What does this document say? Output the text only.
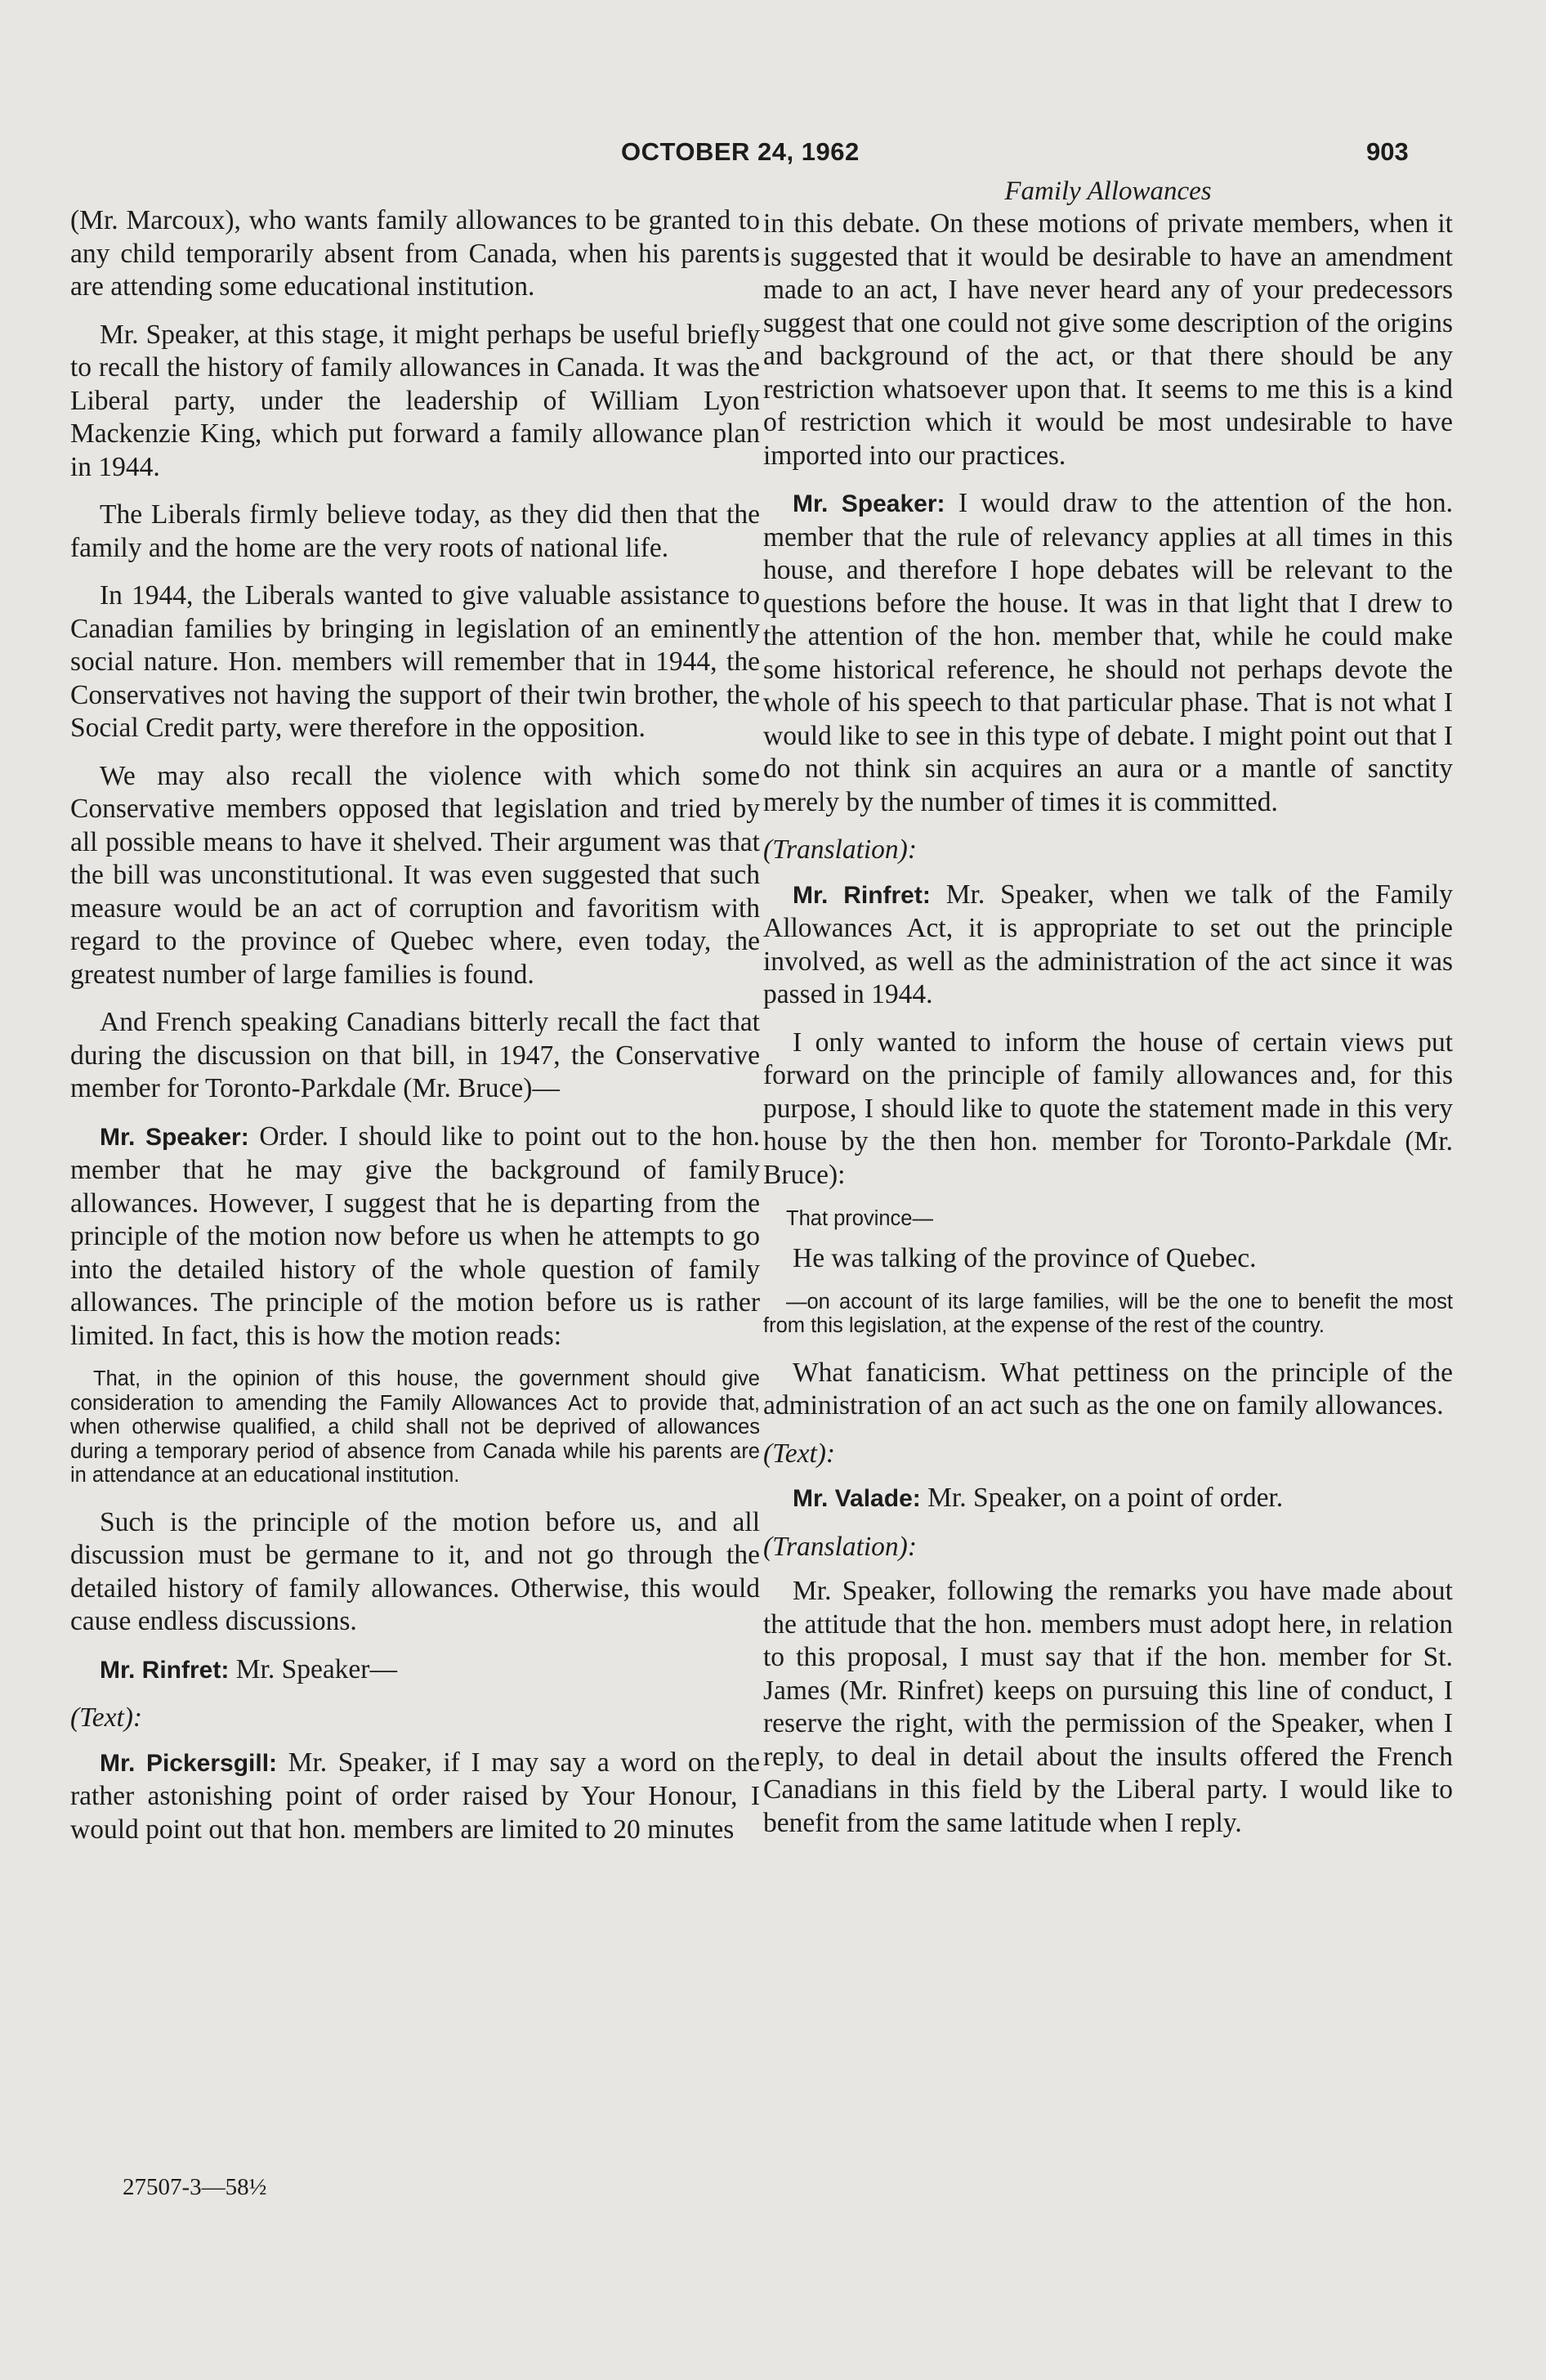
OCTOBER 24, 1962	903

(Mr. Marcoux), who wants family allowances to be granted to any child temporarily absent from Canada, when his parents are attending some educational institution.

Mr. Speaker, at this stage, it might perhaps be useful briefly to recall the history of family allowances in Canada. It was the Liberal party, under the leadership of William Lyon Mackenzie King, which put forward a family allowance plan in 1944.

The Liberals firmly believe today, as they did then that the family and the home are the very roots of national life.

In 1944, the Liberals wanted to give valuable assistance to Canadian families by bringing in legislation of an eminently social nature. Hon. members will remember that in 1944, the Conservatives not having the support of their twin brother, the Social Credit party, were therefore in the opposition.

We may also recall the violence with which some Conservative members opposed that legislation and tried by all possible means to have it shelved. Their argument was that the bill was unconstitutional. It was even suggested that such measure would be an act of corruption and favoritism with regard to the province of Quebec where, even today, the greatest number of large families is found.

And French speaking Canadians bitterly recall the fact that during the discussion on that bill, in 1947, the Conservative member for Toronto-Parkdale (Mr. Bruce)—

Mr. Speaker: Order. I should like to point out to the hon. member that he may give the background of family allowances. However, I suggest that he is departing from the principle of the motion now before us when he attempts to go into the detailed history of the whole question of family allowances. The principle of the motion before us is rather limited. In fact, this is how the motion reads:

That, in the opinion of this house, the government should give consideration to amending the Family Allowances Act to provide that, when otherwise qualified, a child shall not be deprived of allowances during a temporary period of absence from Canada while his parents are in attendance at an educational institution.

Such is the principle of the motion before us, and all discussion must be germane to it, and not go through the detailed history of family allowances. Otherwise, this would cause endless discussions.

Mr. Rinfret: Mr. Speaker—

(Text):

Mr. Pickersgill: Mr. Speaker, if I may say a word on the rather astonishing point of order raised by Your Honour, I would point out that hon. members are limited to 20 minutes

Family Allowances

in this debate. On these motions of private members, when it is suggested that it would be desirable to have an amendment made to an act, I have never heard any of your predecessors suggest that one could not give some description of the origins and background of the act, or that there should be any restriction whatsoever upon that. It seems to me this is a kind of restriction which it would be most undesirable to have imported into our practices.

Mr. Speaker: I would draw to the attention of the hon. member that the rule of relevancy applies at all times in this house, and therefore I hope debates will be relevant to the questions before the house. It was in that light that I drew to the attention of the hon. member that, while he could make some historical reference, he should not perhaps devote the whole of his speech to that particular phase. That is not what I would like to see in this type of debate. I might point out that I do not think sin acquires an aura or a mantle of sanctity merely by the number of times it is committed.

(Translation):

Mr. Rinfret: Mr. Speaker, when we talk of the Family Allowances Act, it is appropriate to set out the principle involved, as well as the administration of the act since it was passed in 1944.

I only wanted to inform the house of certain views put forward on the principle of family allowances and, for this purpose, I should like to quote the statement made in this very house by the then hon. member for Toronto-Parkdale (Mr. Bruce):

That province—

He was talking of the province of Quebec.

—on account of its large families, will be the one to benefit the most from this legislation, at the expense of the rest of the country.

What fanaticism. What pettiness on the principle of the administration of an act such as the one on family allowances.

(Text):

Mr. Valade: Mr. Speaker, on a point of order.

(Translation):

Mr. Speaker, following the remarks you have made about the attitude that the hon. members must adopt here, in relation to this proposal, I must say that if the hon. member for St. James (Mr. Rinfret) keeps on pursuing this line of conduct, I reserve the right, with the permission of the Speaker, when I reply, to deal in detail about the insults offered the French Canadians in this field by the Liberal party. I would like to benefit from the same latitude when I reply.

27507-3—58½
